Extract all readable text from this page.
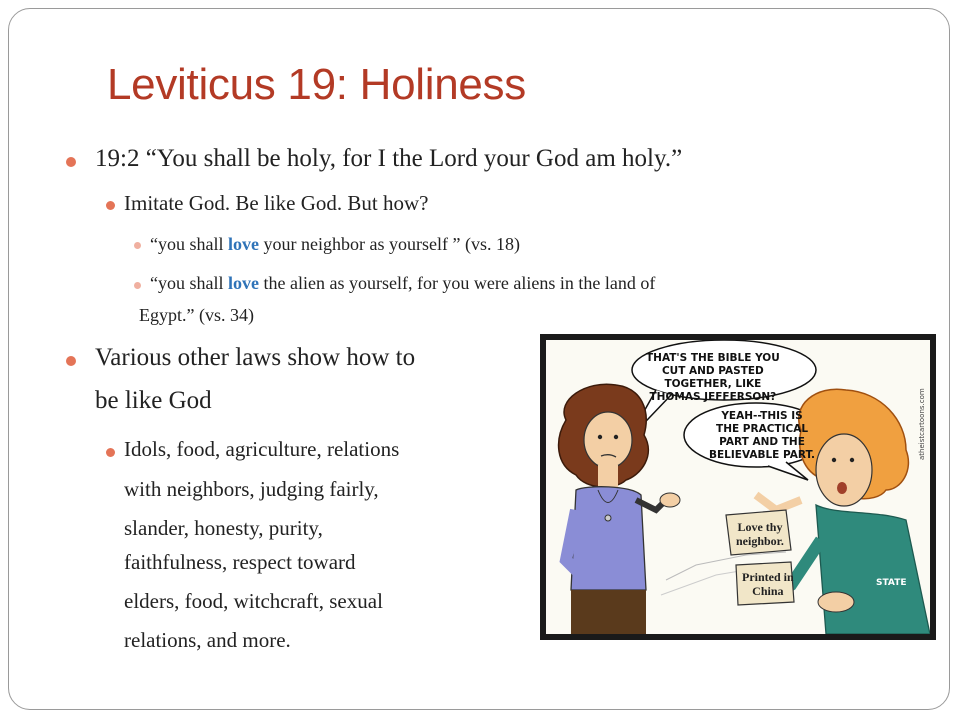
Leviticus 19: Holiness
19:2 “You shall be holy, for I the Lord your God am holy.”
Imitate God. Be like God. But how?
“you shall love your neighbor as yourself ” (vs. 18)
“you shall love the alien as yourself, for you were aliens in the land of
Egypt.” (vs. 34)
Various other laws show how to
be like God
Idols, food, agriculture, relations
with neighbors, judging fairly,
slander, honesty, purity,
faithfulness, respect toward
elders, food, witchcraft, sexual
relations, and more.
THAT'S THE BIBLE YOU
CUT AND PASTED
TOGETHER, LIKE
THOMAS JEFFERSON?
YEAH--THIS IS
THE PRACTICAL
PART AND THE
BELIEVABLE PART.
Love thy
neighbor.
Printed in
China
STATE
atheistcartoons.com
